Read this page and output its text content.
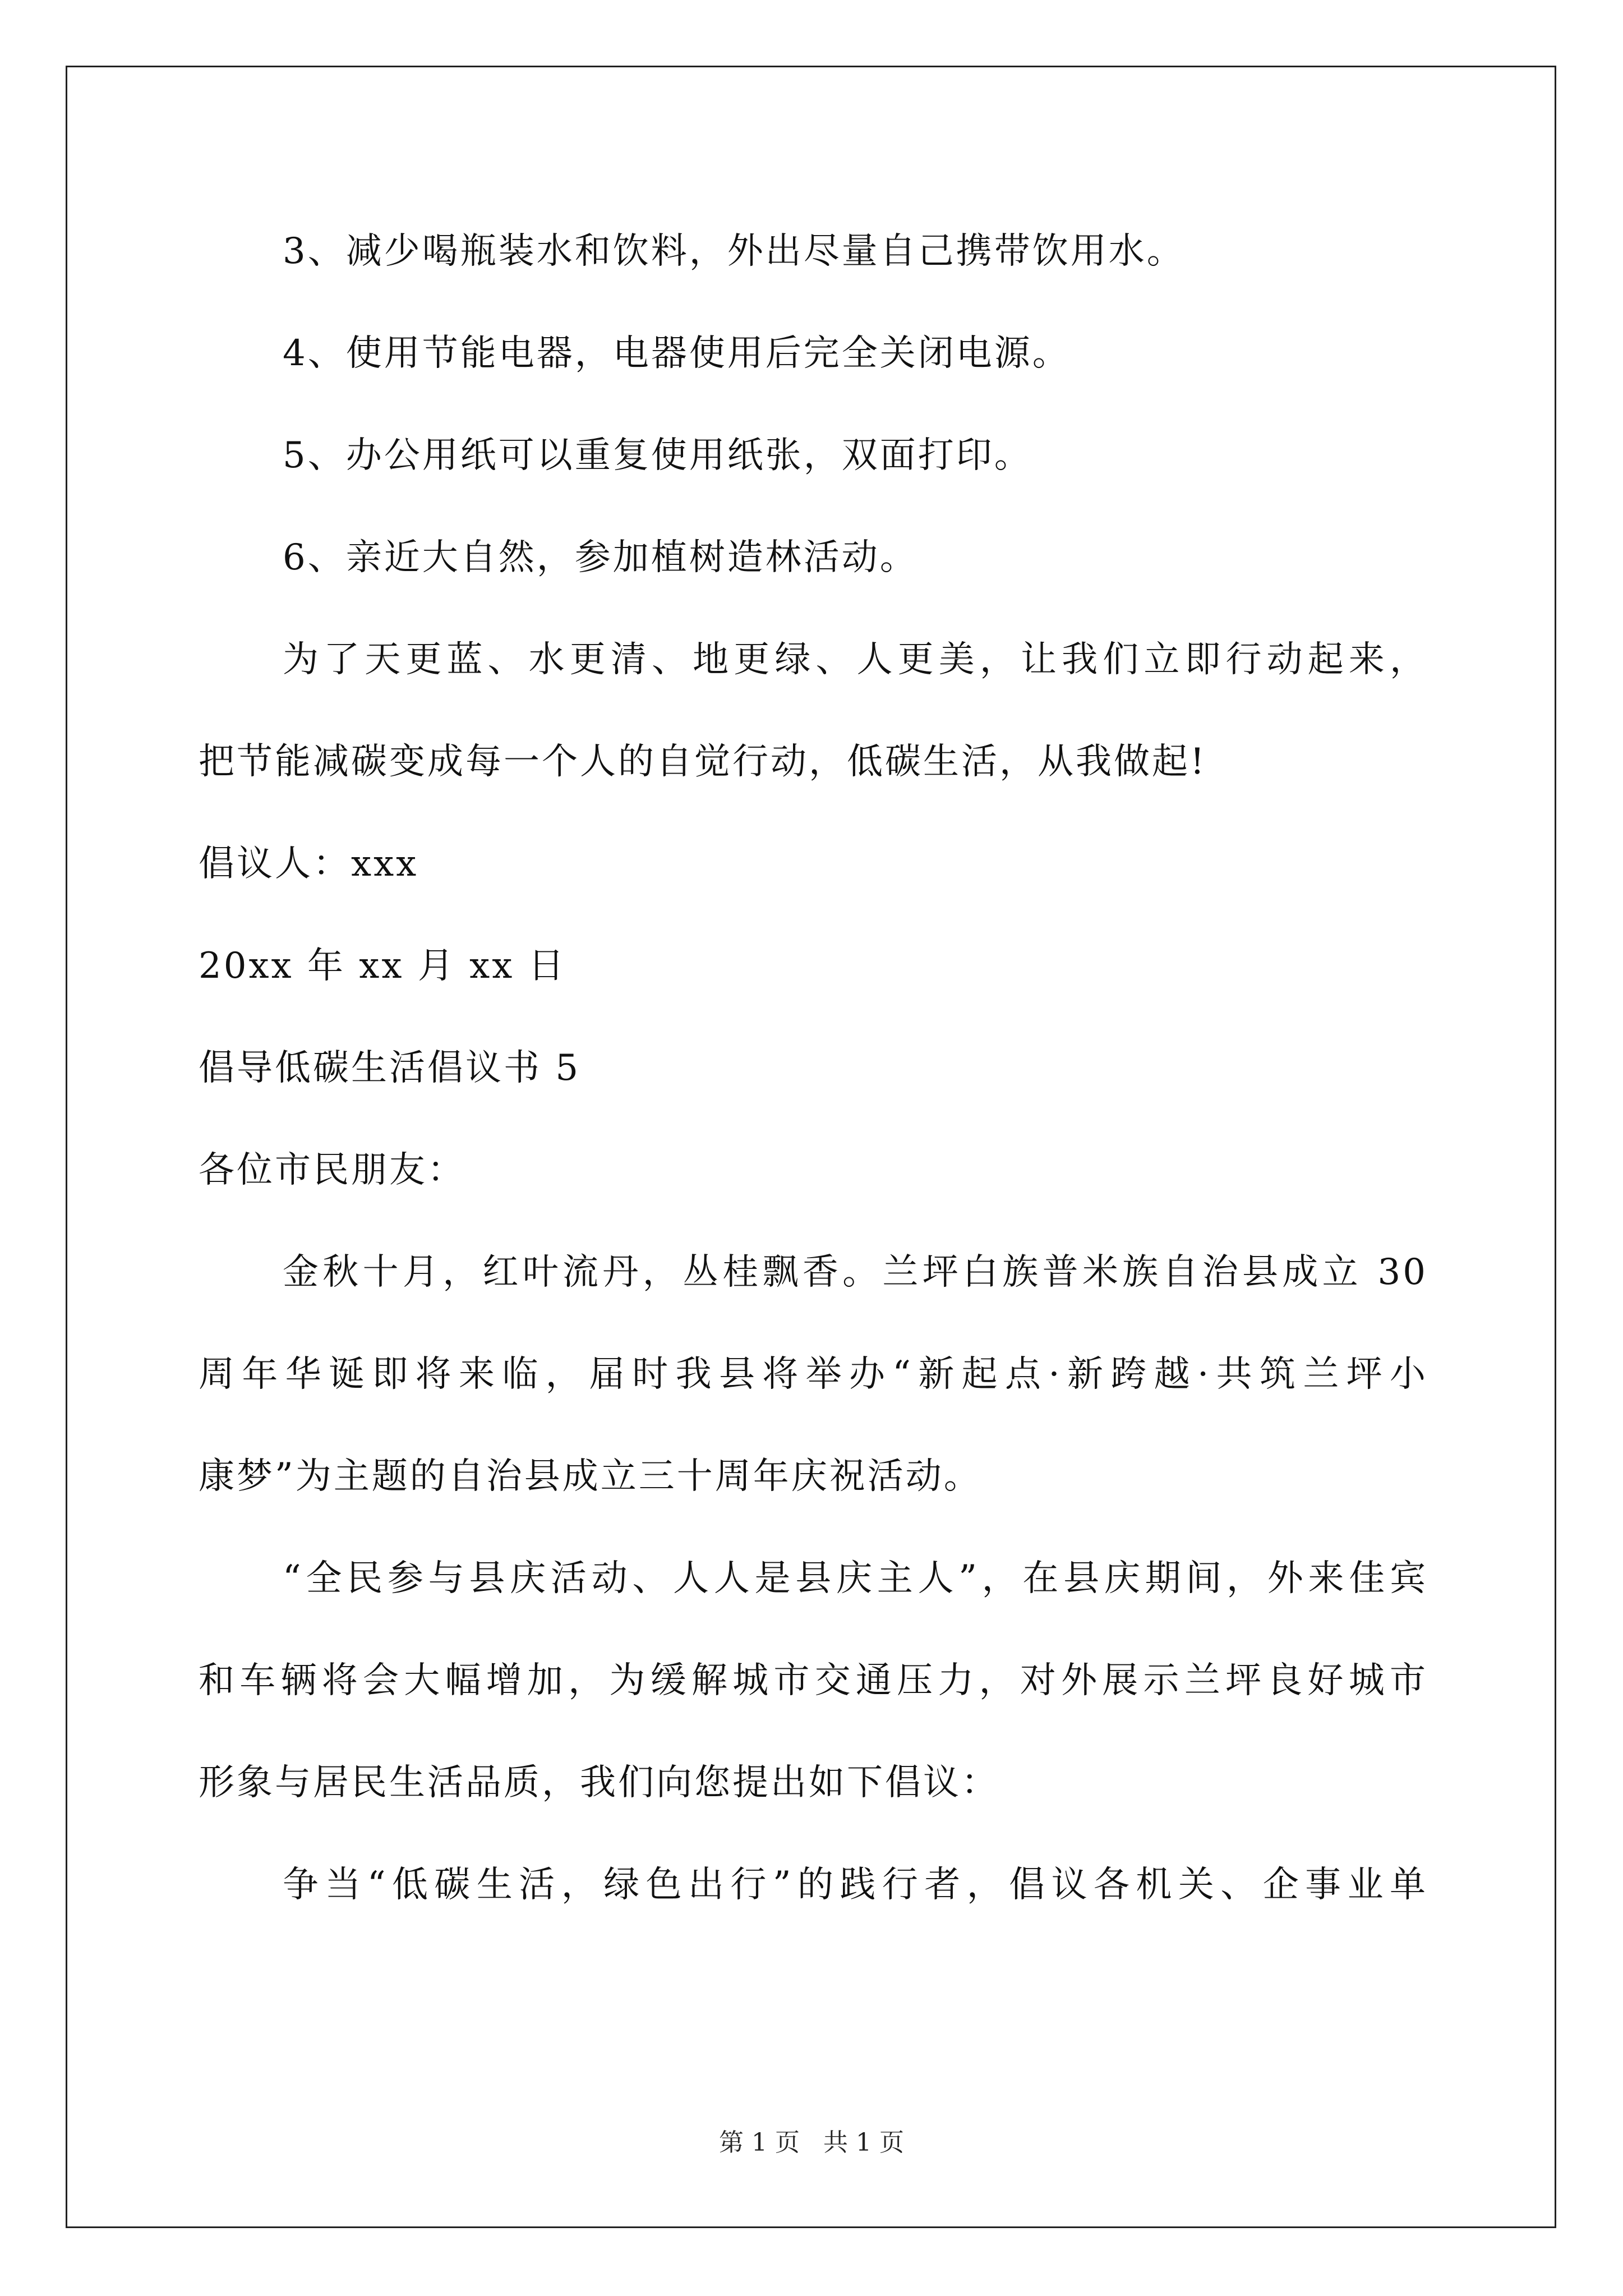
3、减少喝瓶装水和饮料，外出尽量自己携带饮用水。
4、使用节能电器，电器使用后完全关闭电源。
5、办公用纸可以重复使用纸张，双面打印。
6、亲近大自然，参加植树造林活动。
为了天更蓝、水更清、地更绿、人更美，让我们立即行动起来，
把节能减碳变成每一个人的自觉行动，低碳生活，从我做起!
倡议人：xxx
20xx 年 xx 月 xx 日
倡导低碳生活倡议书 5
各位市民朋友：
金秋十月，红叶流丹，丛桂飘香。兰坪白族普米族自治县成立 30
周年华诞即将来临，届时我县将举办“新起点·新跨越·共筑兰坪小
康梦”为主题的自治县成立三十周年庆祝活动。
“全民参与县庆活动、人人是县庆主人”，在县庆期间，外来佳宾
和车辆将会大幅增加，为缓解城市交通压力，对外展示兰坪良好城市
形象与居民生活品质，我们向您提出如下倡议：
争当“低碳生活，绿色出行”的践行者，倡议各机关、企事业单
第 1 页 共 1 页
